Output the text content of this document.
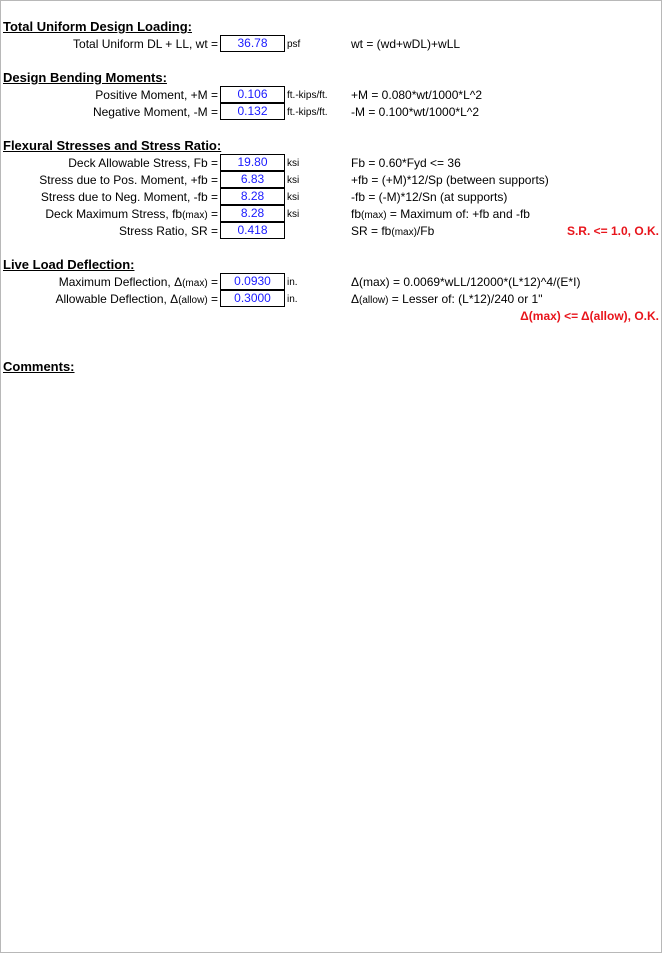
Total Uniform Design Loading:
Total Uniform DL + LL, wt =	36.78	psf	wt = (wd+wDL)+wLL
Design Bending Moments:
Positive Moment, +M =	0.106	ft.-kips/ft. +M = 0.080*wt/1000*L^2
Negative Moment, -M =	0.132	ft.-kips/ft. -M = 0.100*wt/1000*L^2
Flexural Stresses and Stress Ratio:
Deck Allowable Stress, Fb =	19.80	ksi	Fb = 0.60*Fyd <= 36
Stress due to Pos. Moment, +fb =	6.83	ksi	+fb = (+M)*12/Sp (between supports)
Stress due to Neg. Moment, -fb =	8.28	ksi	-fb = (-M)*12/Sn (at supports)
Deck Maximum Stress, fb(max) =	8.28	ksi	fb(max) = Maximum of: +fb and -fb
Stress Ratio, SR =	0.418	SR = fb(max)/Fb	S.R. <= 1.0, O.K.
Live Load Deflection:
Maximum Deflection, Δ(max) =	0.0930	in.	Δ(max) = 0.0069*wLL/12000*(L*12)^4/(E*I)
Allowable Deflection, Δ(allow) =	0.3000	in.	Δ(allow) = Lesser of: (L*12)/240 or 1"
Δ(max) <= Δ(allow), O.K.
Comments:
